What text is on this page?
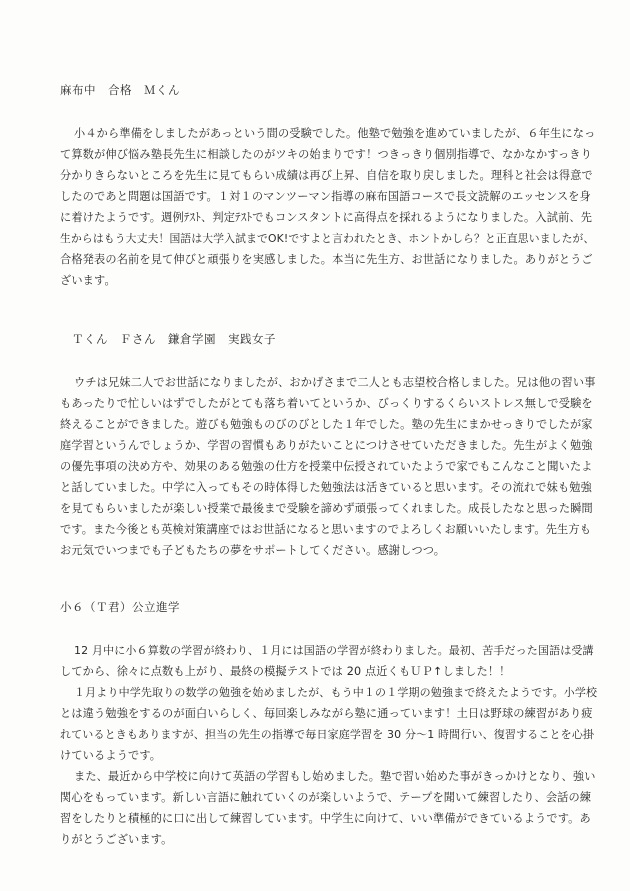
麻布中　合格　Ｍくん

小４から準備をしましたがあっという間の受験でした。他塾で勉強を進めていましたが、６年生になっ
て算数が伸び悩み塾長先生に相談したのがツキの始まりです！つきっきり個別指導で、なかなかすっきり
分かりきらないところを先生に見てもらい成績は再び上昇、自信を取り戻しました。理科と社会は得意で
したのであと問題は国語です。１対１のマンツーマン指導の麻布国語コースで長文読解のエッセンスを身
に着けたようです。週例ﾃｽﾄ、判定ﾃｽﾄでもコンスタントに高得点を採れるようになりました。入試前、先
生からはもう大丈夫！国語は大学入試までOK!ですよと言われたとき、ホントかしら？と正直思いましたが、
合格発表の名前を見て伸びと頑張りを実感しました。本当に先生方、お世話になりました。ありがとうご
ざいます。

　Ｔくん　Ｆさん　鎌倉学園　実践女子

ウチは兄妹二人でお世話になりましたが、おかげさまで二人とも志望校合格しました。兄は他の習い事
もあったりで忙しいはずでしたがとても落ち着いてというか、びっくりするくらいストレス無しで受験を
終えることができました。遊びも勉強ものびのびとした１年でした。塾の先生にまかせっきりでしたが家
庭学習というんでしょうか、学習の習慣もありがたいことにつけさせていただきました。先生がよく勉強
の優先事項の決め方や、効果のある勉強の仕方を授業中伝授されていたようで家でもこんなこと聞いたよ
と話していました。中学に入ってもその時体得した勉強法は活きていると思います。その流れで妹も勉強
を見てもらいましたが楽しい授業で最後まで受験を諦めず頑張ってくれました。成長したなと思った瞬間
です。また今後とも英検対策講座ではお世話になると思いますのでよろしくお願いいたします。先生方も
お元気でいつまでも子どもたちの夢をサポートしてください。感謝しつつ。

小６（Ｔ君）公立進学

12 月中に小６算数の学習が終わり、１月には国語の学習が終わりました。最初、苦手だった国語は受講
してから、徐々に点数も上がり、最終の模擬テストでは 20 点近くもＵＰ↑しました！！
１月より中学先取りの数学の勉強を始めましたが、もう中１の１学期の勉強まで終えたようです。小学校
とは違う勉強をするのが面白いらしく、毎回楽しみながら塾に通っています！土日は野球の練習があり疲
れているときもありますが、担当の先生の指導で毎日家庭学習を 30 分～1 時間行い、復習することを心掛
けているようです。
また、最近から中学校に向けて英語の学習もし始めました。塾で習い始めた事がきっかけとなり、強い
関心をもっています。新しい言語に触れていくのが楽しいようで、テープを聞いて練習したり、会話の練
習をしたりと積極的に口に出して練習しています。中学生に向けて、いい準備ができているようです。あ
りがとうございます。
